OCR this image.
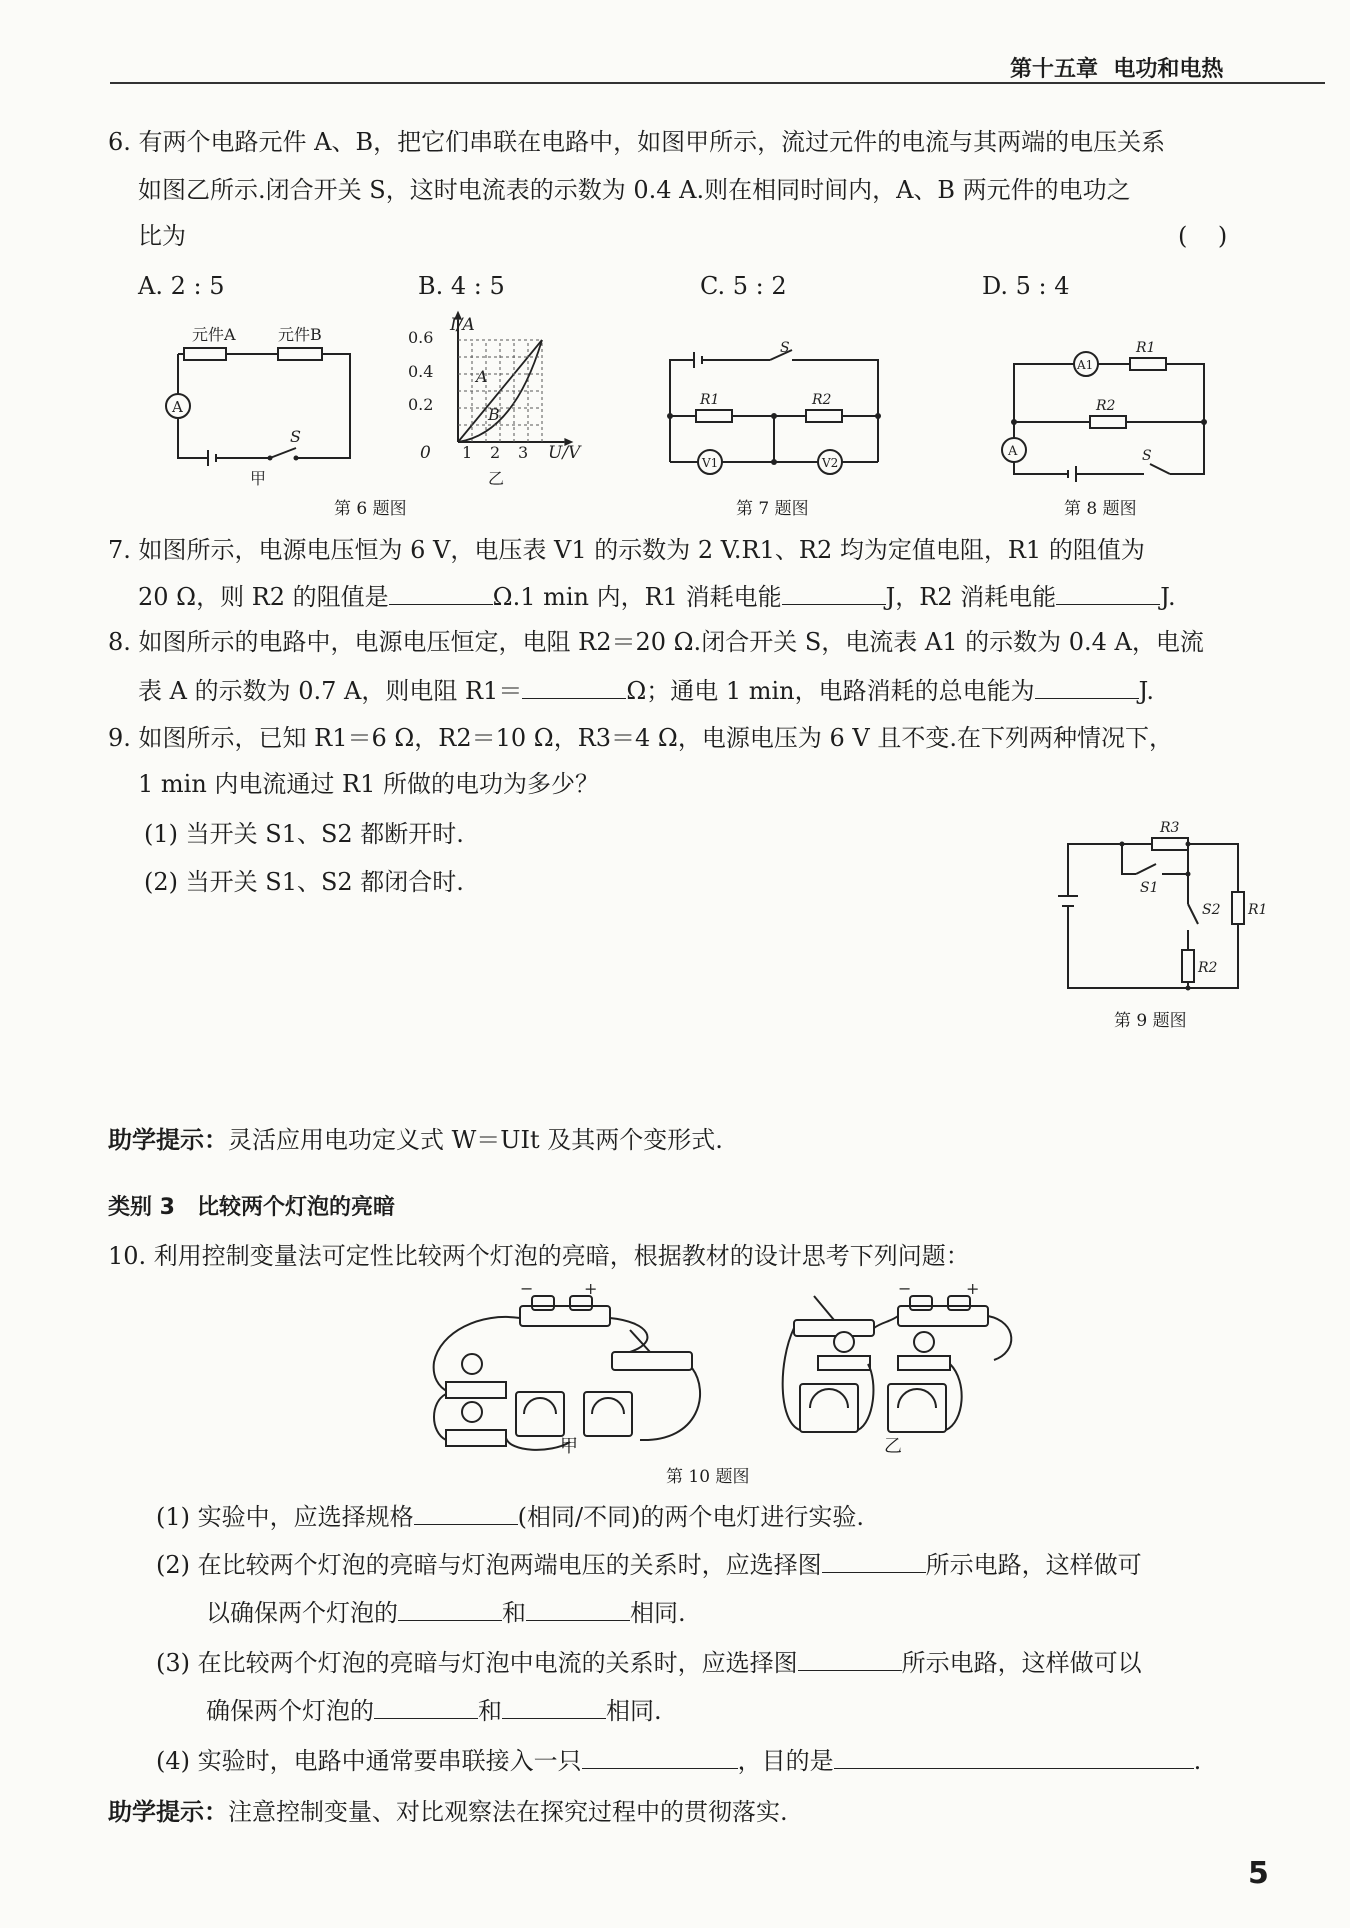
第十五章 电功和电热
6. 有两个电路元件 A、B，把它们串联在电路中，如图甲所示，流过元件的电流与其两端的电压关系
如图乙所示.闭合开关 S，这时电流表的示数为 0.4 A.则在相同时间内，A、B 两元件的电功之
比为	(    )
A. 2 : 5	B. 4 : 5	C. 5 : 2	D. 5 : 4
元件A	元件B
A
S
甲
I/A
U/V
0
B
A
0.6
0.4
0.2
1 2 3
乙
S
R1	R2
V1	V2
第 7 题图
A1
R1
R2
A	S
第 6 题图	第 8 题图
7. 如图所示，电源电压恒为 6 V，电压表 V1 的示数为 2 V.R1、R2 均为定值电阻，R1 的阻值为
20 Ω，则 R2 的阻值是	Ω.1 min 内，R1 消耗电能	J，R2 消耗电能	J.
8. 如图所示的电路中，电源电压恒定，电阻 R2＝20 Ω.闭合开关 S，电流表 A1 的示数为 0.4 A，电流
表 A 的示数为 0.7 A，则电阻 R1＝	Ω；通电 1 min，电路消耗的总电能为	J.
9. 如图所示，已知 R1＝6 Ω，R2＝10 Ω，R3＝4 Ω，电源电压为 6 V 且不变.在下列两种情况下，
1 min 内电流通过 R1 所做的电功为多少？
(1) 当开关 S1、S2 都断开时.
(2) 当开关 S1、S2 都闭合时.
R3
S1
S2 R1
R2
第 9 题图
助学提示：灵活应用电功定义式 W＝UIt 及其两个变形式.
类别 3　比较两个灯泡的亮暗
10. 利用控制变量法可定性比较两个灯泡的亮暗，根据教材的设计思考下列问题：
−	+
甲
−	+
乙
第 10 题图
(1) 实验中，应选择规格	(相同/不同)的两个电灯进行实验.
(2) 在比较两个灯泡的亮暗与灯泡两端电压的关系时，应选择图	所示电路，这样做可
以确保两个灯泡的	和	相同.
(3) 在比较两个灯泡的亮暗与灯泡中电流的关系时，应选择图	所示电路，这样做可以
确保两个灯泡的	和	相同.
(4) 实验时，电路中通常要串联接入一只	，目的是	.
助学提示：注意控制变量、对比观察法在探究过程中的贯彻落实.
5
